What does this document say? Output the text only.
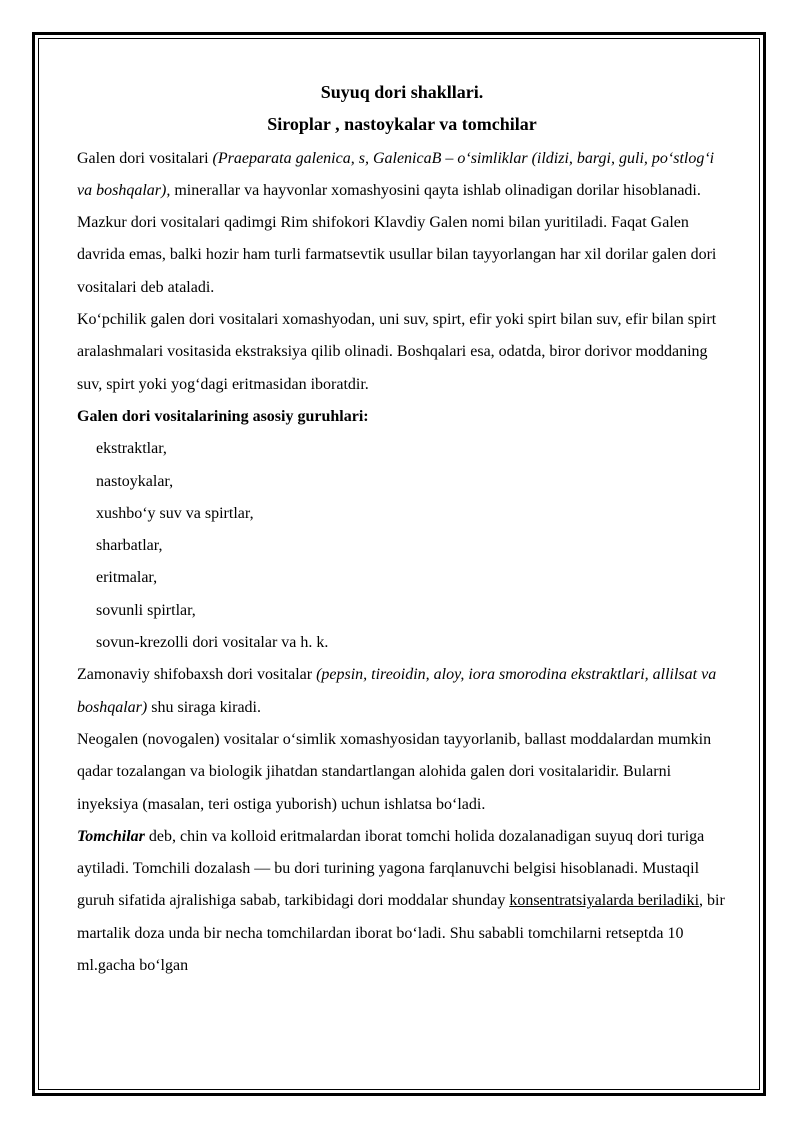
Suyuq dori shakllari.

Siroplar , nastoykalar va tomchilar

Galen dori vositalari (Praeparata galenica, s, GalenicaB – o‘simliklar (ildizi, bargi, guli, po‘stlog‘i va boshqalar), minerallar va hayvonlar xomashyosini qayta ishlab olinadigan dorilar hisoblanadi.

Mazkur dori vositalari qadimgi Rim shifokori Klavdiy Galen nomi bilan yuritiladi. Faqat Galen davrida emas, balki hozir ham turli farmatsevtik usullar bilan tayyorlangan har xil dorilar galen dori vositalari deb ataladi.

Ko‘pchilik galen dori vositalari xomashyodan, uni suv, spirt, efir yoki spirt bilan suv, efir bilan spirt aralashmalari vositasida ekstraksiya qilib olinadi. Boshqalari esa, odatda, biror dorivor moddaning suv, spirt yoki yog‘dagi eritmasidan iboratdir.

Galen dori vositalarining asosiy guruhlari:

ekstraktlar,
nastoykalar,
xushbo‘y suv va spirtlar,
sharbatlar,
eritmalar,
sovunli spirtlar,
sovun-krezolli dori vositalar va h. k.

Zamonaviy shifobaxsh dori vositalar (pepsin, tireoidin, aloy, iora smorodina ekstraktlari, allilsat va boshqalar) shu siraga kiradi.

Neogalen (novogalen) vositalar o‘simlik xomashyosidan tayyorlanib, ballast moddalardan mumkin qadar tozalangan va biologik jihatdan standartlangan alohida galen dori vositalaridir. Bularni inyeksiya (masalan, teri ostiga yuborish) uchun ishlatsa bo‘ladi.

Tomchilar deb, chin va kolloid eritmalardan iborat tomchi holida dozalanadigan suyuq dori turiga aytiladi. Tomchili dozalash — bu dori turining yagona farqlanuvchi belgisi hisoblanadi. Mustaqil guruh sifatida ajralishiga sabab, tarkibidagi dori moddalar shunday konsentratsiyalarda beriladiki, bir martalik doza unda bir necha tomchilardan iborat bo‘ladi. Shu sababli tomchilarni retseptda 10 ml.gacha bo‘lgan
